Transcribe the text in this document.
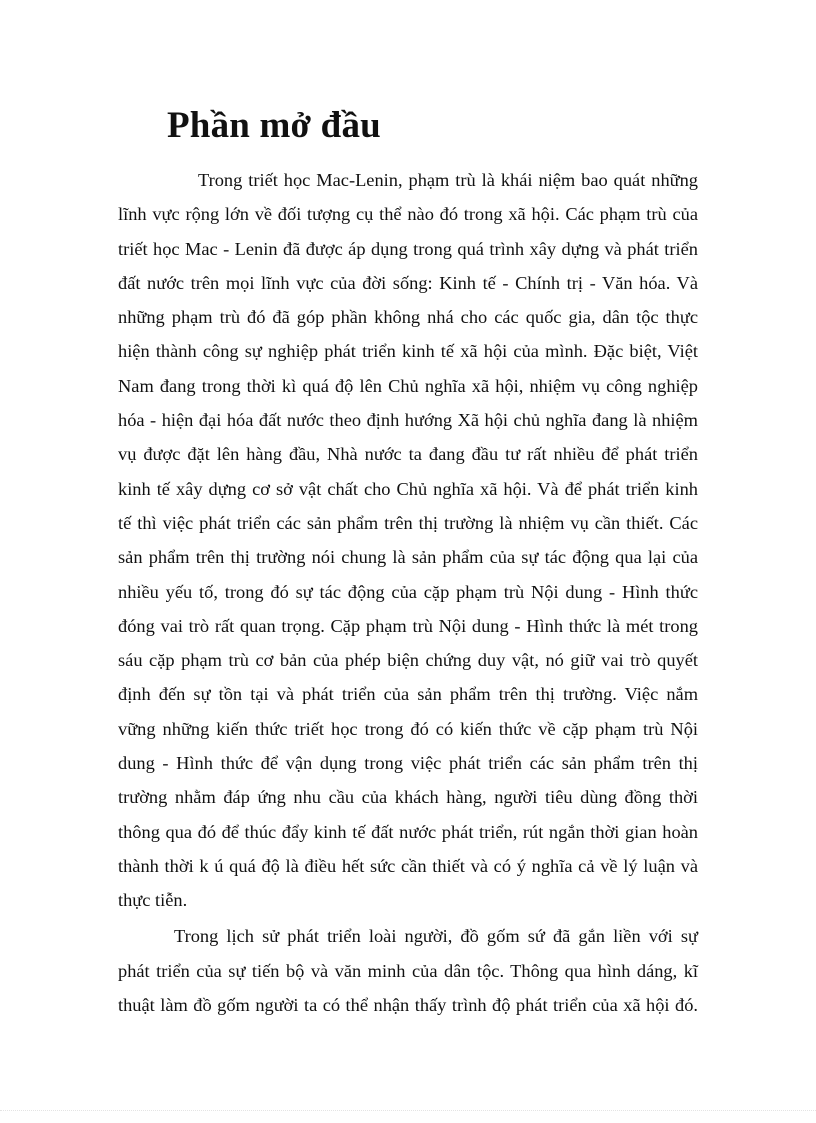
Phần mở đầu
Trong triết học Mac-Lenin, phạm trù là khái niệm bao quát những
lĩnh vực rộng lớn về đối tượng cụ thể nào đó trong xã hội. Các phạm trù của
triết học Mac - Lenin đã được áp dụng trong quá trình xây dựng và phát triển
đất nước trên mọi lĩnh vực của đời sống: Kinh tế - Chính trị - Văn hóa. Và
những phạm trù đó đã góp phần không nhá cho các quốc gia, dân tộc thực
hiện thành công sự nghiệp phát triển kinh tế xã hội của mình. Đặc biệt, Việt
Nam đang trong thời kì quá độ lên Chủ nghĩa xã hội, nhiệm vụ công nghiệp
hóa - hiện đại hóa đất nước theo định hướng Xã hội chủ nghĩa đang là nhiệm
vụ được đặt lên hàng đầu, Nhà nước ta đang đầu tư rất nhiều để phát triển
kinh tế xây dựng cơ sở vật chất cho Chủ nghĩa xã hội. Và để phát triển kinh
tế thì việc phát triển các sản phẩm trên thị trường là nhiệm vụ cần thiết. Các
sản phẩm trên thị trường nói chung là sản phẩm của sự tác động qua lại của
nhiều yếu tố, trong đó sự tác động của cặp phạm trù Nội dung - Hình thức
đóng vai trò rất quan trọng. Cặp phạm trù Nội dung - Hình thức là mét trong
sáu cặp phạm trù cơ bản của phép biện chứng duy vật, nó giữ vai trò quyết
định đến sự tồn tại và phát triển của sản phẩm trên thị trường. Việc nắm
vững những kiến thức triết học trong đó có kiến thức về cặp phạm trù Nội
dung - Hình thức để vận dụng trong việc phát triển các sản phẩm trên thị
trường nhằm đáp ứng nhu cầu của khách hàng, người tiêu dùng đồng thời
thông qua đó để thúc đẩy kinh tế đất nước phát triển, rút ngắn thời gian hoàn
thành thời k ú quá độ là điều hết sức cần thiết và có ý nghĩa cả về lý luận và
thực tiễn.
Trong lịch sử phát triển loài người, đồ gốm sứ đã gắn liền với sự
phát triển của sự tiến bộ và văn minh của dân tộc. Thông qua hình dáng, kĩ
thuật làm đồ gốm người ta có thể nhận thấy trình độ phát triển của xã hội đó.
